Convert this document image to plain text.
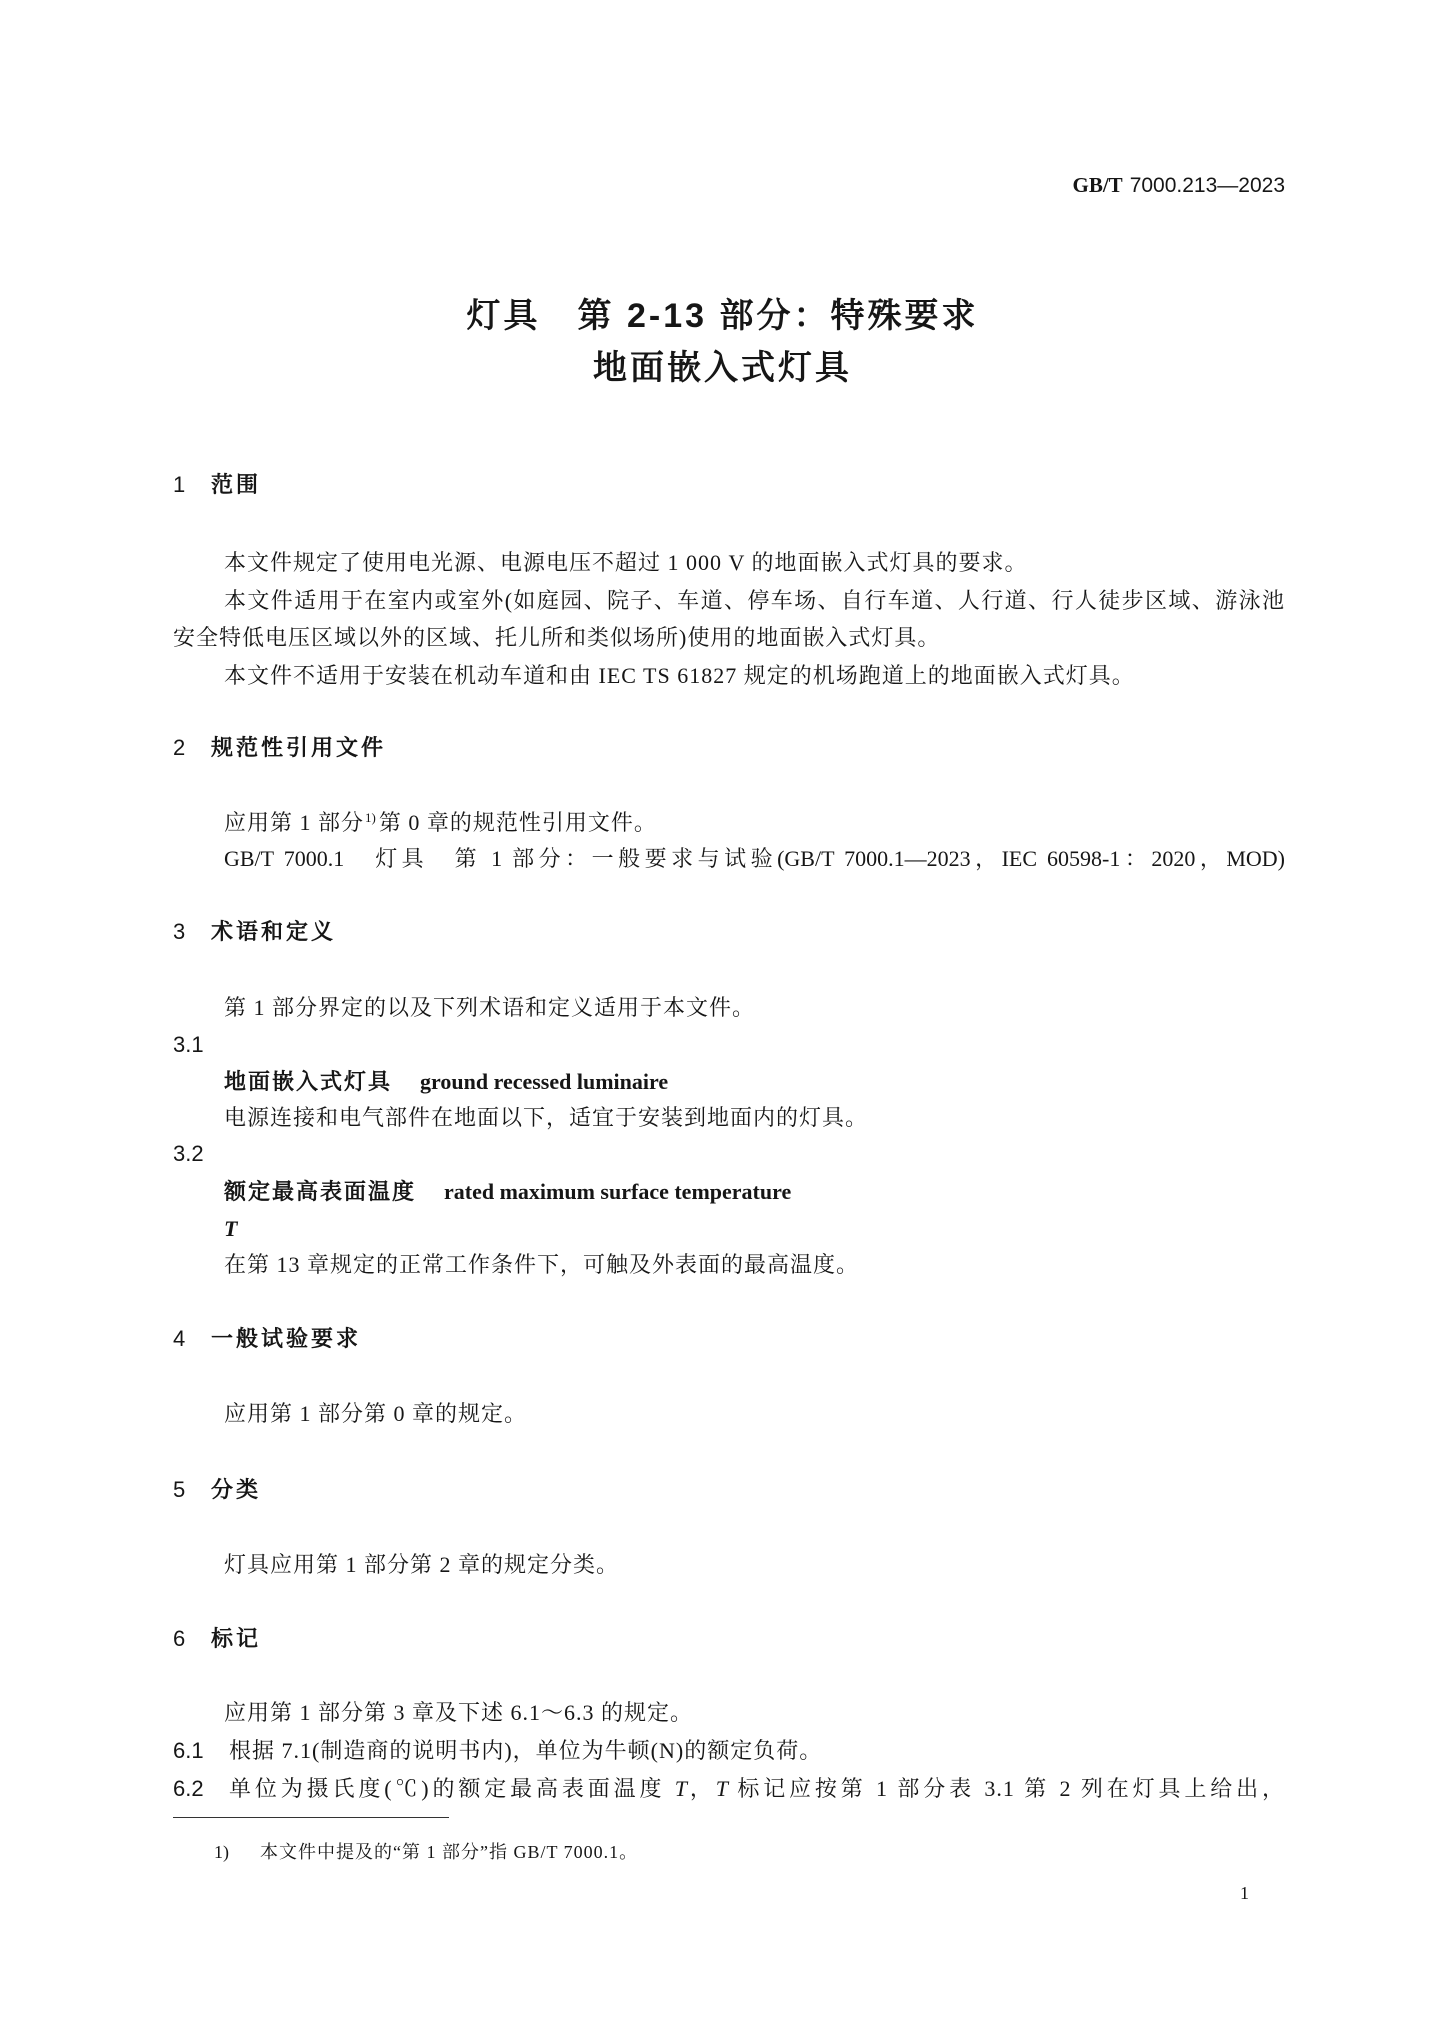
GB/T 7000.213—2023
灯具　第 2-13 部分：特殊要求
地面嵌入式灯具
1 范围
本文件规定了使用电光源、电源电压不超过 1 000 V 的地面嵌入式灯具的要求。
本文件适用于在室内或室外(如庭园、院子、车道、停车场、自行车道、人行道、行人徒步区域、游泳池
安全特低电压区域以外的区域、托儿所和类似场所)使用的地面嵌入式灯具。
本文件不适用于安装在机动车道和由 IEC TS 61827 规定的机场跑道上的地面嵌入式灯具。
2 规范性引用文件
应用第 1 部分$^{1)}$ 第 0 章的规范性引用文件。
GB/T 7000.1　灯具　第 1 部分：一般要求与试验(GB/T 7000.1—2023，IEC 60598-1：2020，MOD)
3 术语和定义
第 1 部分界定的以及下列术语和定义适用于本文件。
3.1
地面嵌入式灯具 ground recessed luminaire
电源连接和电气部件在地面以下，适宜于安装到地面内的灯具。
3.2
额定最高表面温度 rated maximum surface temperature
T
在第 13 章规定的正常工作条件下，可触及外表面的最高温度。
4 一般试验要求
应用第 1 部分第 0 章的规定。
5 分类
灯具应用第 1 部分第 2 章的规定分类。
6 标记
应用第 1 部分第 3 章及下述 6.1～6.3 的规定。
6.1 根据 7.1(制造商的说明书内)，单位为牛顿(N)的额定负荷。
6.2 单位为摄氏度(℃)的额定最高表面温度 T，T 标记应按第 1 部分表 3.1 第 2 列在灯具上给出，
1) 本文件中提及的“第 1 部分”指 GB/T 7000.1。
1
